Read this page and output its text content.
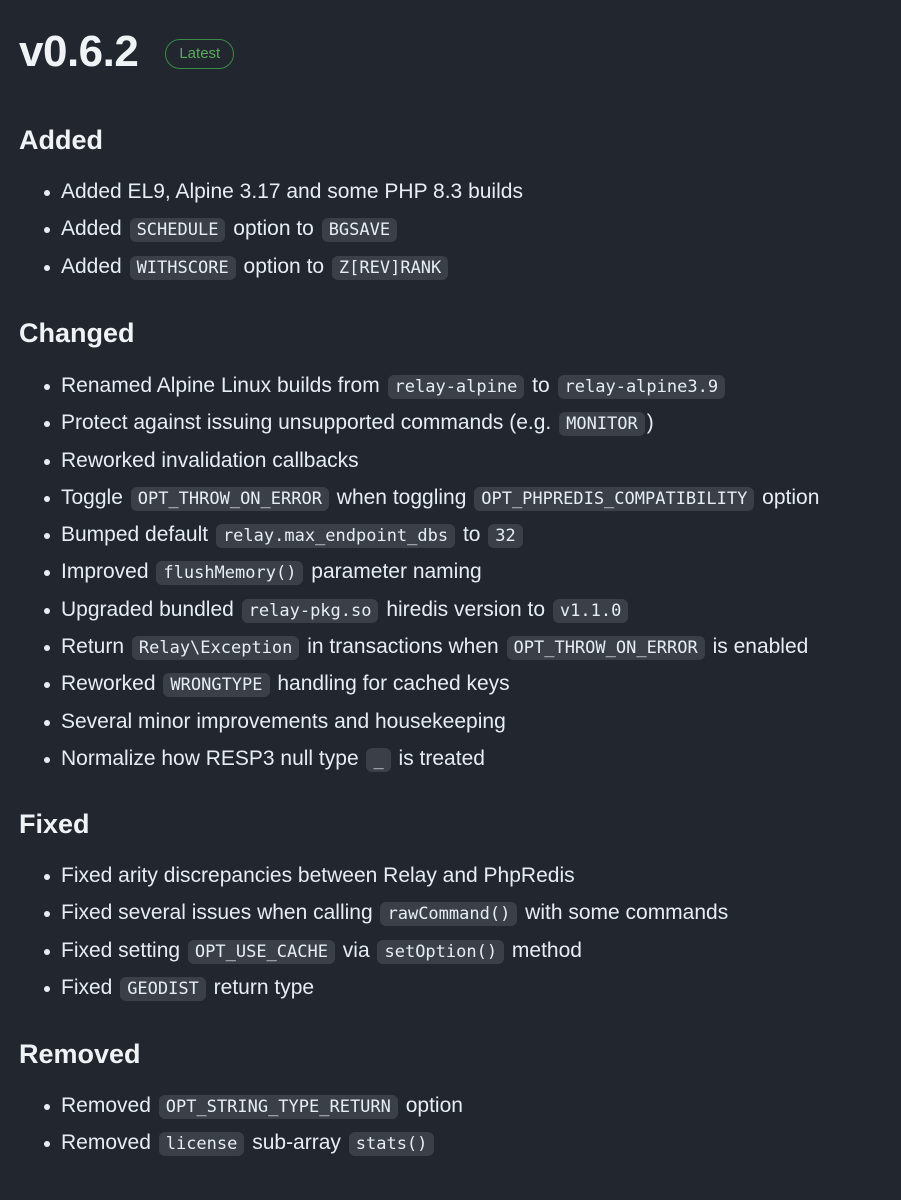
v0.6.2	Latest
Added
Added EL9, Alpine 3.17 and some PHP 8.3 builds
Added SCHEDULE option to BGSAVE
Added WITHSCORE option to Z[REV]RANK
Changed
Renamed Alpine Linux builds from relay-alpine to relay-alpine3.9
Protect against issuing unsupported commands (e.g. MONITOR )
Reworked invalidation callbacks
Toggle OPT_THROW_ON_ERROR when toggling OPT_PHPREDIS_COMPATIBILITY option
Bumped default relay.max_endpoint_dbs to 32
Improved flushMemory() parameter naming
Upgraded bundled relay-pkg.so hiredis version to v1.1.0
Return Relay\Exception in transactions when OPT_THROW_ON_ERROR is enabled
Reworked WRONGTYPE handling for cached keys
Several minor improvements and housekeeping
Normalize how RESP3 null type _ is treated
Fixed
Fixed arity discrepancies between Relay and PhpRedis
Fixed several issues when calling rawCommand() with some commands
Fixed setting OPT_USE_CACHE via setOption() method
Fixed GEODIST return type
Removed
Removed OPT_STRING_TYPE_RETURN option
Removed license sub-array stats()
